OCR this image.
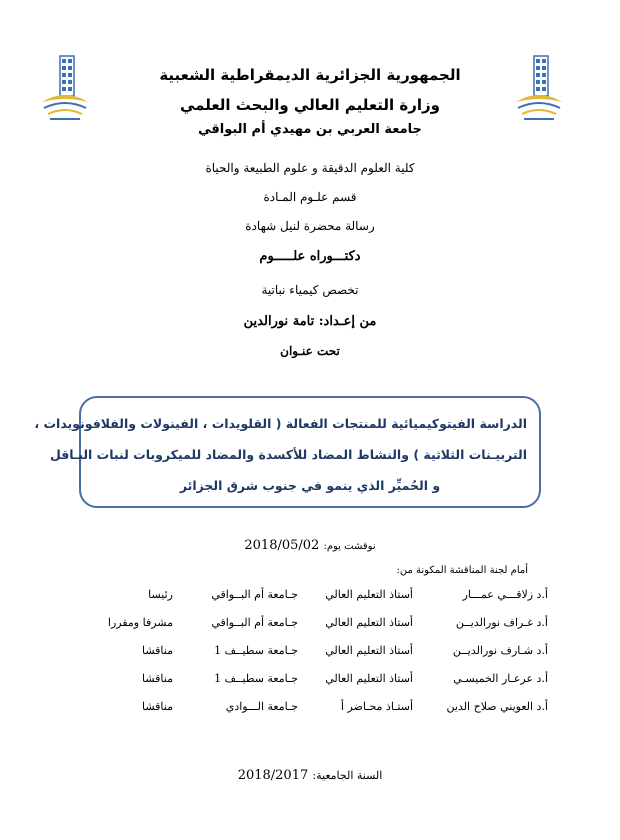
الجمهورية الجزائرية الديمقراطية الشعبية
وزارة التعليم العالي والبحث العلمي
جامعة العربي بن مهيدي أم البواقي
كلية العلوم الدقيقة و علوم الطبيعة والحياة
قسم علـوم المـادة
رسالة محضرة لنيل شهادة
دكتـــوراه علـــــوم
تخصص كيمياء نباتية
من إعـداد: تامة نورالدين
تحت عنـوان
الدراسة الفيتوكيميائية للمنتجات الفعالة ( القلويدات ، الفينولات والفلافونويدات ،
التربيـنات الثلاثية ) والنشاط المضاد للأكسدة والمضاد للميكروبات لنبات البـاقل
و الحُميِّر الذي ينمو في جنوب شرق الجزائر
نوقشت يوم: 2018/05/02
أمام لجنة المناقشة المكونة من:
أ.د زلاقـــي عمـــار
أستاذ التعليم العالي
جـامعة أم البــواقي
رئيسا
أ.د غـراف نورالديــن
أستاذ التعليم العالي
جـامعة أم البــواقي
مشرفا ومقررا
أ.د شـارف نورالديــن
أستاذ التعليم العالي
جـامعة سطيــف 1
مناقشا
أ.د عرعـار الخميسـي
أستاذ التعليم العالي
جـامعة سطيــف 1
مناقشا
أ.د العويني صلاح الدين
أستـاذ محـاضر أ
جـامعة الـــوادي
مناقشا
السنة الجامعية: 2018/2017
